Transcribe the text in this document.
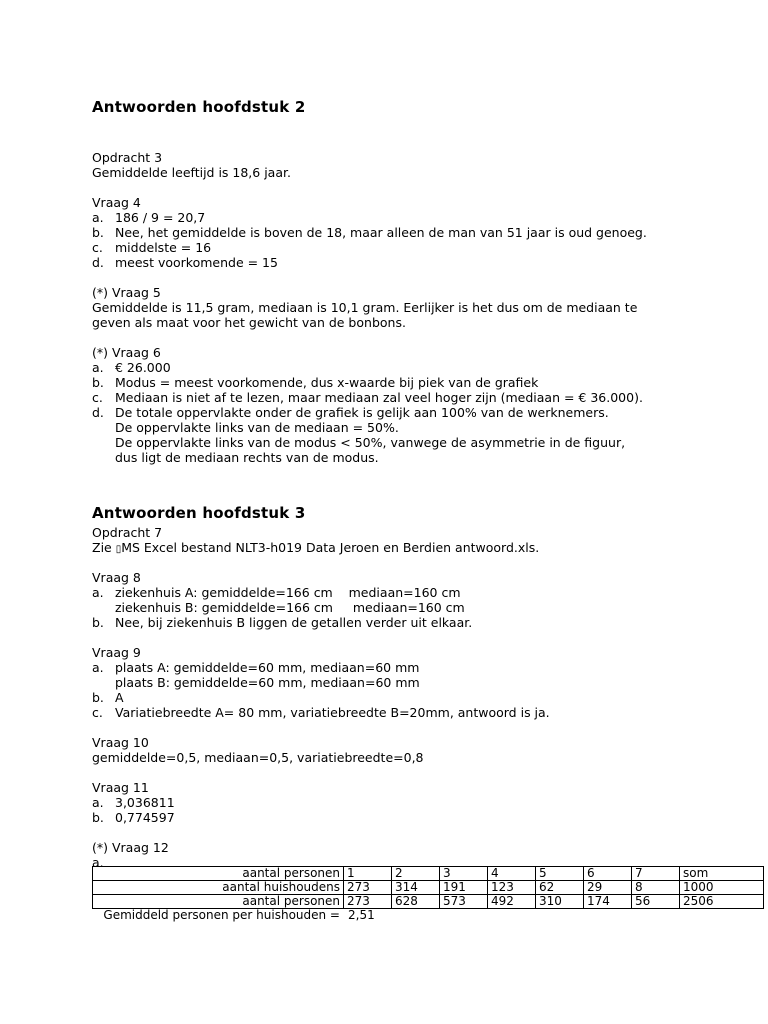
Antwoorden hoofdstuk 2
Opdracht 3
Gemiddelde leeftijd is 18,6 jaar.
Vraag 4
a. 186 / 9 = 20,7
b. Nee, het gemiddelde is boven de 18, maar alleen de man van 51 jaar is oud genoeg.
c. middelste = 16
d. meest voorkomende = 15
(*) Vraag 5
Gemiddelde is 11,5 gram, mediaan is 10,1 gram. Eerlijker is het dus om de mediaan te
geven als maat voor het gewicht van de bonbons.
(*) Vraag 6
a. € 26.000
b. Modus = meest voorkomende, dus x-waarde bij piek van de grafiek
c. Mediaan is niet af te lezen, maar mediaan zal veel hoger zijn (mediaan = € 36.000).
d. De totale oppervlakte onder de grafiek is gelijk aan 100% van de werknemers.
De oppervlakte links van de mediaan = 50%.
De oppervlakte links van de modus < 50%, vanwege de asymmetrie in de figuur,
dus ligt de mediaan rechts van de modus.
Antwoorden hoofdstuk 3
Opdracht 7
Zie ▯MS Excel bestand NLT3-h019 Data Jeroen en Berdien antwoord.xls.
Vraag 8
a. ziekenhuis A: gemiddelde=166 cm    mediaan=160 cm
ziekenhuis B: gemiddelde=166 cm     mediaan=160 cm
b. Nee, bij ziekenhuis B liggen de getallen verder uit elkaar.
Vraag 9
a. plaats A: gemiddelde=60 mm, mediaan=60 mm
plaats B: gemiddelde=60 mm, mediaan=60 mm
b. A
c. Variatiebreedte A= 80 mm, variatiebreedte B=20mm, antwoord is ja.
Vraag 10
gemiddelde=0,5, mediaan=0,5, variatiebreedte=0,8
Vraag 11
a. 3,036811
b. 0,774597
(*) Vraag 12
a.
aantal personen	1	2	3	4	5	6	7	som
aantal huishoudens	273	314	191	123	62	29	8	1000
aantal personen	273	628	573	492	310	174	56	2506
Gemiddeld personen per huishouden = 2,51
